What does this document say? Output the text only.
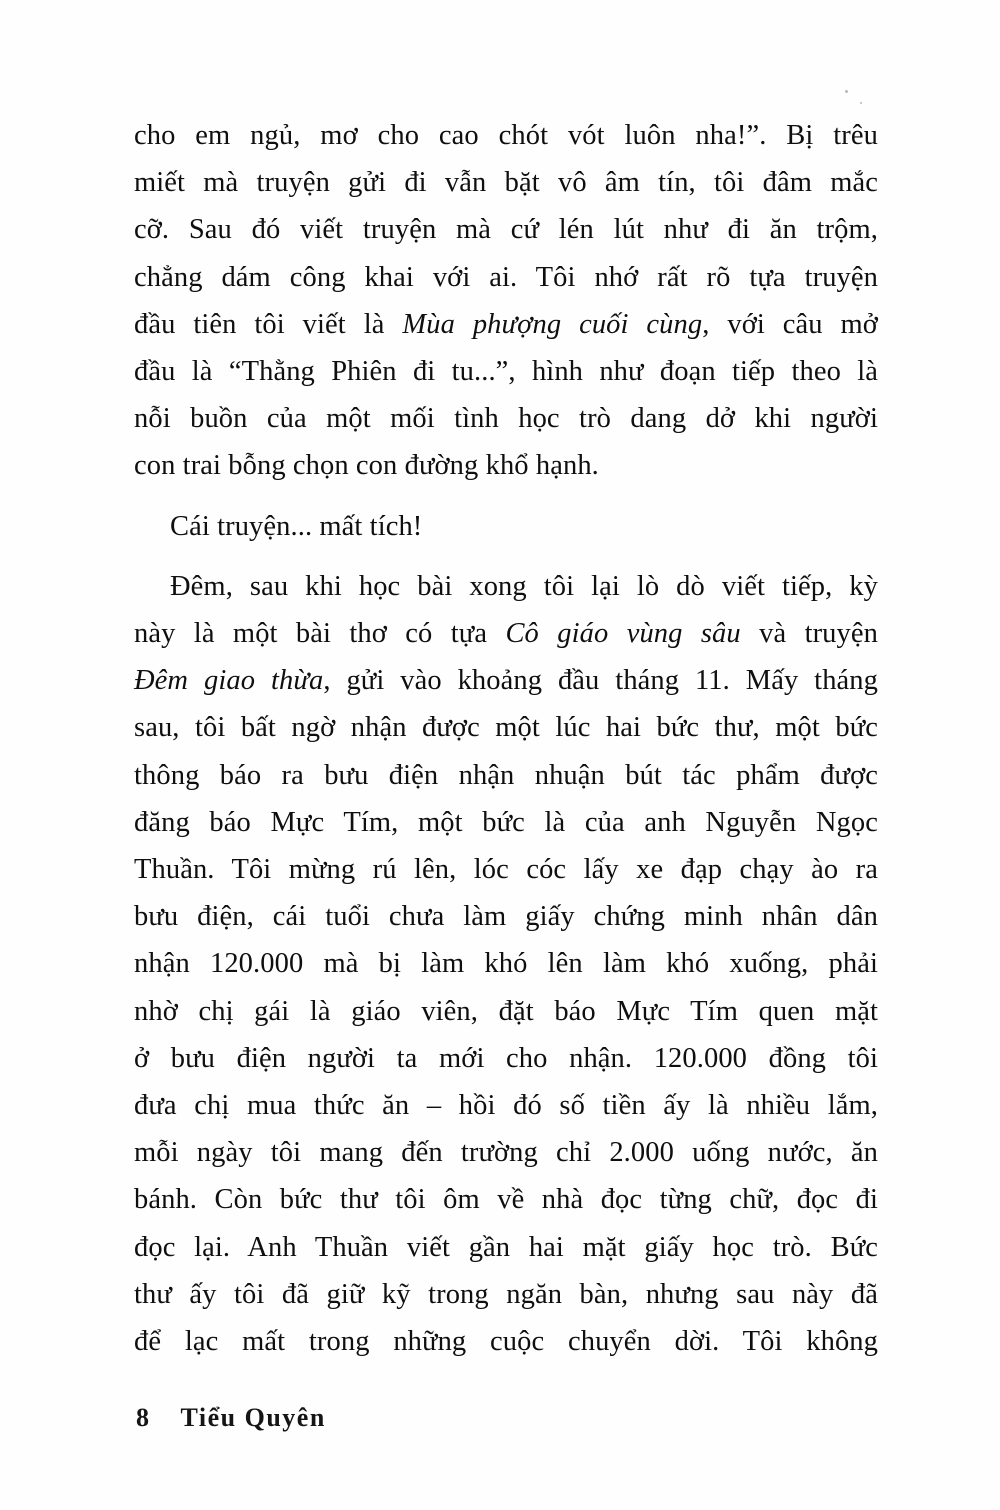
cho em ngủ, mơ cho cao chót vót luôn nha!”. Bị trêu
miết mà truyện gửi đi vẫn bặt vô âm tín, tôi đâm mắc
cỡ. Sau đó viết truyện mà cứ lén lút như đi ăn trộm,
chẳng dám công khai với ai. Tôi nhớ rất rõ tựa truyện
đầu tiên tôi viết là Mùa phượng cuối cùng, với câu mở
đầu là “Thằng Phiên đi tu...”, hình như đoạn tiếp theo là
nỗi buồn của một mối tình học trò dang dở khi người
con trai bỗng chọn con đường khổ hạnh.
Cái truyện... mất tích!
Đêm, sau khi học bài xong tôi lại lò dò viết tiếp, kỳ
này là một bài thơ có tựa Cô giáo vùng sâu và truyện
Đêm giao thừa, gửi vào khoảng đầu tháng 11. Mấy tháng
sau, tôi bất ngờ nhận được một lúc hai bức thư, một bức
thông báo ra bưu điện nhận nhuận bút tác phẩm được
đăng báo Mực Tím, một bức là của anh Nguyễn Ngọc
Thuần. Tôi mừng rú lên, lóc cóc lấy xe đạp chạy ào ra
bưu điện, cái tuổi chưa làm giấy chứng minh nhân dân
nhận 120.000 mà bị làm khó lên làm khó xuống, phải
nhờ chị gái là giáo viên, đặt báo Mực Tím quen mặt
ở bưu điện người ta mới cho nhận. 120.000 đồng tôi
đưa chị mua thức ăn – hồi đó số tiền ấy là nhiều lắm,
mỗi ngày tôi mang đến trường chỉ 2.000 uống nước, ăn
bánh. Còn bức thư tôi ôm về nhà đọc từng chữ, đọc đi
đọc lại. Anh Thuần viết gần hai mặt giấy học trò. Bức
thư ấy tôi đã giữ kỹ trong ngăn bàn, nhưng sau này đã
để lạc mất trong những cuộc chuyển dời. Tôi không
8 Tiểu Quyên
